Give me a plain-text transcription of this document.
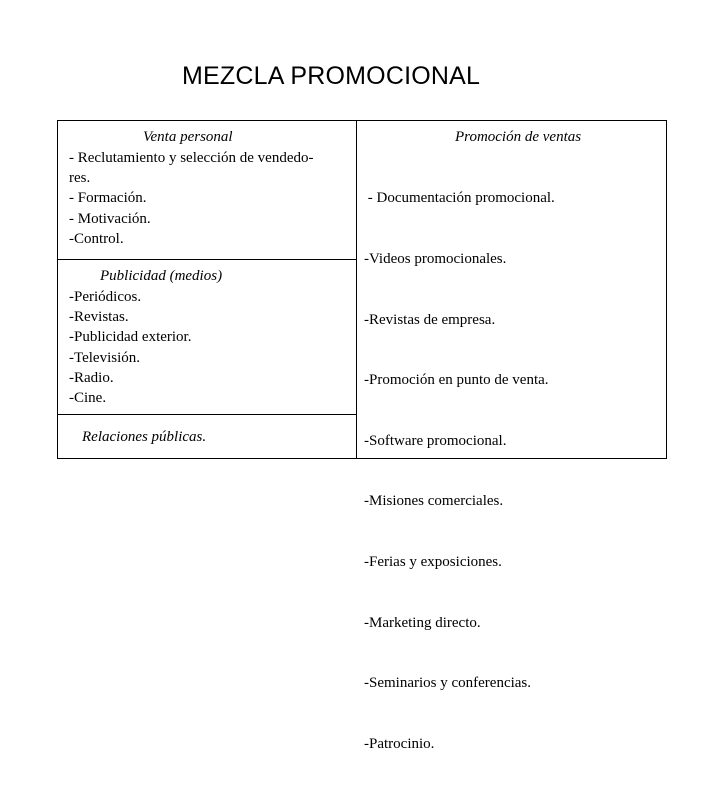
MEZCLA PROMOCIONAL
Venta personal
- Reclutamiento y selección de vendedo-
res.
- Formación.
- Motivación.
-Control.
Publicidad (medios)
-Periódicos.
-Revistas.
-Publicidad exterior.
-Televisión.
-Radio.
-Cine.
Relaciones públicas.
Promoción de ventas

- Documentación promocional.

-Videos promocionales.

-Revistas de empresa.

-Promoción en punto de venta.

-Software promocional.

-Misiones comerciales.

-Ferias y exposiciones.

-Marketing directo.

-Seminarios y conferencias.

-Patrocinio.
